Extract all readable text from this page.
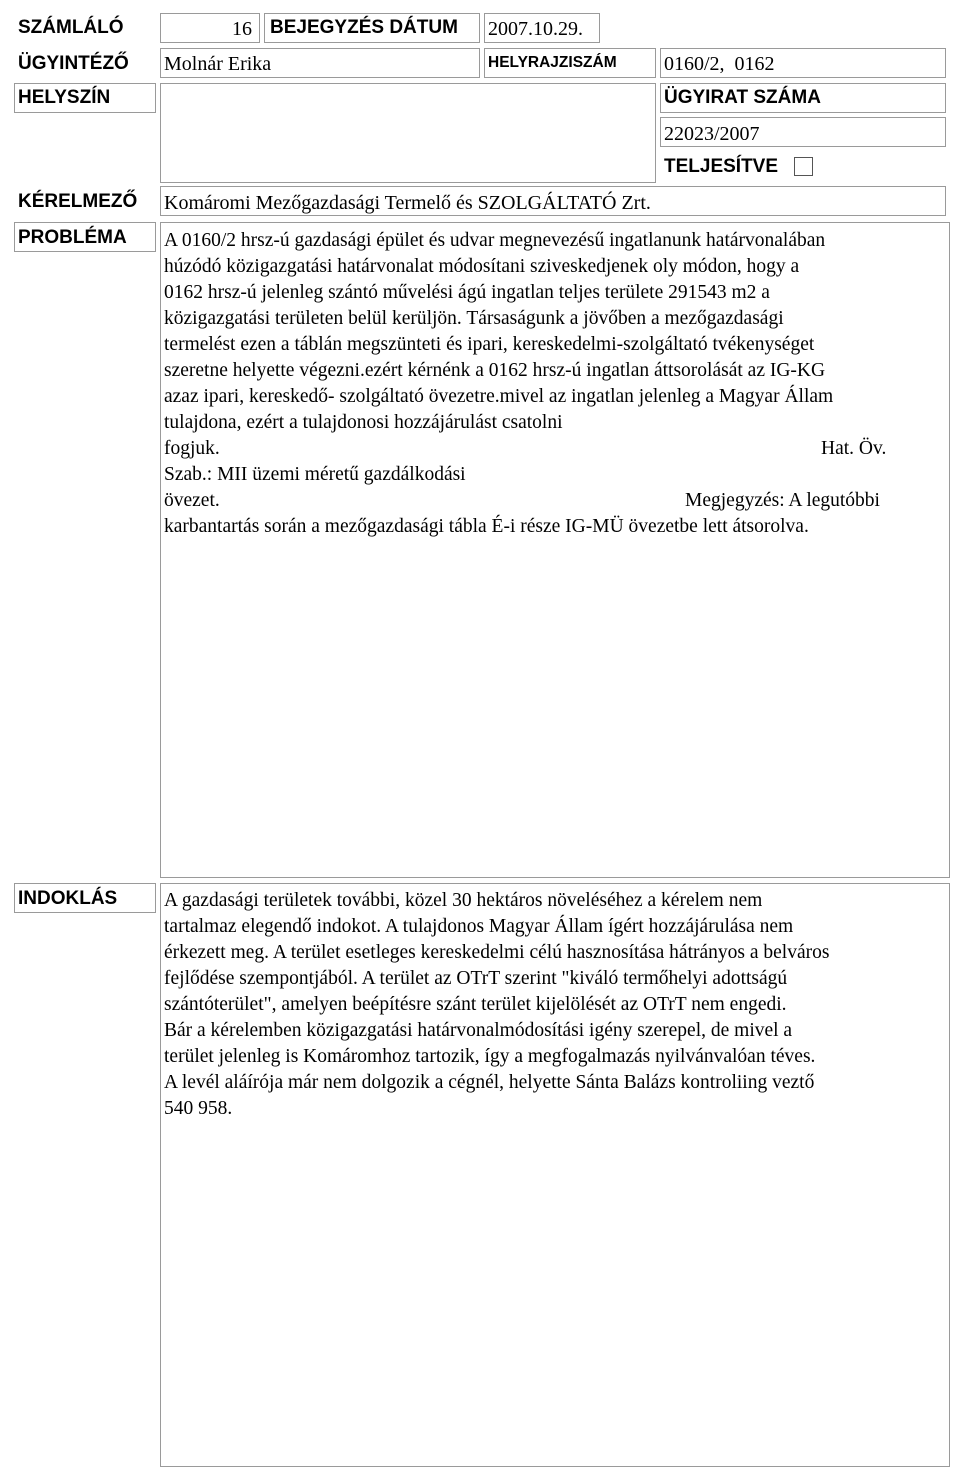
SZÁMLÁLÓ	16 BEJEGYZÉS DÁTUM 2007.10.29.
ÜGYINTÉZŐ Molnár Erika	HELYRAJZISZÁM 0160/2,  0162
HELYSZÍN	ÜGYIRAT SZÁMA
22023/2007
TELJESÍTVE
KÉRELMEZŐ Komáromi Mezőgazdasági Termelő és SZOLGÁLTATÓ Zrt.
PROBLÉMA A 0160/2 hrsz-ú gazdasági épület és udvar megnevezésű ingatlanunk határvonalában
húzódó közigazgatási határvonalat módosítani sziveskedjenek oly módon, hogy a
0162 hrsz-ú jelenleg szántó művelési ágú ingatlan teljes területe 291543 m2 a
közigazgatási területen belül kerüljön. Társaságunk a jövőben a mezőgazdasági
termelést ezen a táblán megszünteti és ipari, kereskedelmi-szolgáltató tvékenységet
szeretne helyette végezni.ezért kérnénk a 0162 hrsz-ú ingatlan áttsorolását az IG-KG
azaz ipari, kereskedő- szolgáltató övezetre.mivel az ingatlan jelenleg a Magyar Állam
tulajdona, ezért a tulajdonosi hozzájárulást csatolni
fogjuk.	Hat. Öv.
Szab.: MII üzemi méretű gazdálkodási
övezet.	Megjegyzés: A legutóbbi
karbantartás során a mezőgazdasági tábla É-i része IG-MÜ övezetbe lett átsorolva.
INDOKLÁS A gazdasági területek további, közel 30 hektáros növeléséhez a kérelem nem
tartalmaz elegendő indokot. A tulajdonos Magyar Állam ígért hozzájárulása nem
érkezett meg. A terület esetleges kereskedelmi célú hasznosítása hátrányos a belváros
fejlődése szempontjából. A terület az OTrT szerint "kiváló termőhelyi adottságú
szántóterület", amelyen beépítésre szánt terület kijelölését az OTrT nem engedi.
Bár a kérelemben közigazgatási határvonalmódosítási igény szerepel, de mivel a
terület jelenleg is Komáromhoz tartozik, így a megfogalmazás nyilvánvalóan téves.
A levél aláírója már nem dolgozik a cégnél, helyette Sánta Balázs kontroliing veztő
540 958.
